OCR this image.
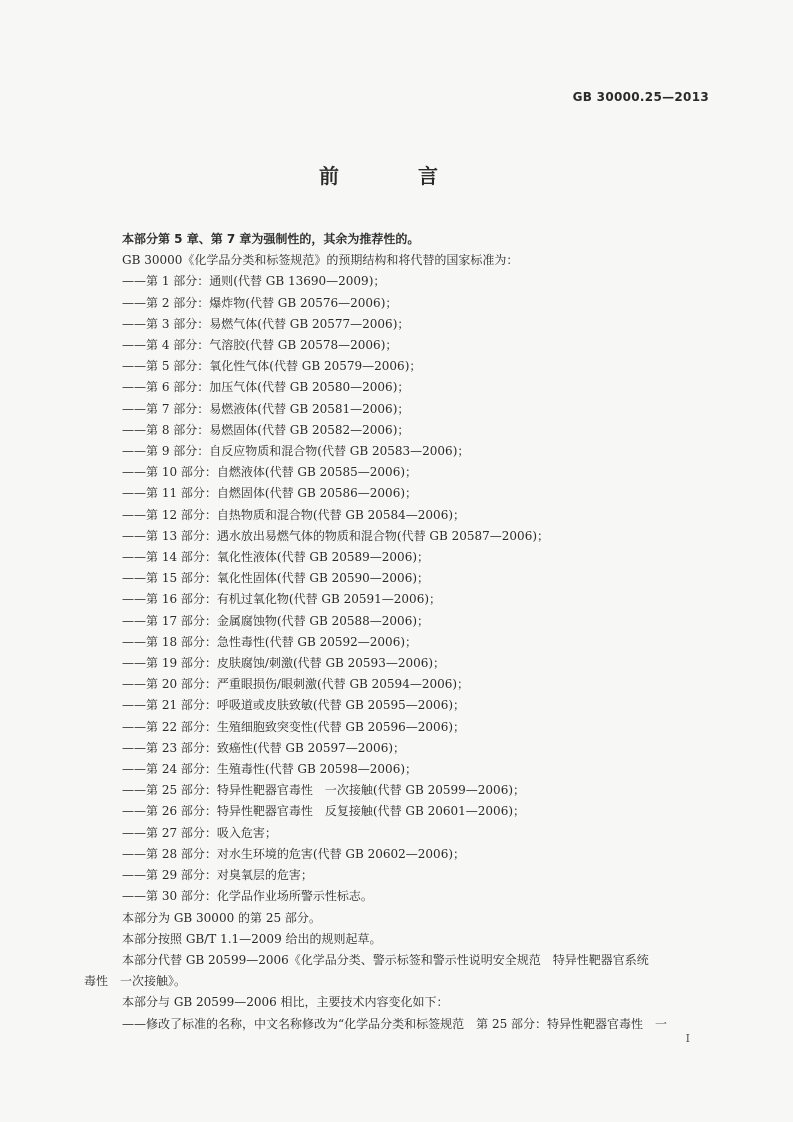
GB 30000.25—2013
前 言
本部分第 5 章、第 7 章为强制性的，其余为推荐性的。
GB 30000《化学品分类和标签规范》的预期结构和将代替的国家标准为：
——第 1 部分：通则(代替 GB 13690—2009)；
——第 2 部分：爆炸物(代替 GB 20576—2006)；
——第 3 部分：易燃气体(代替 GB 20577—2006)；
——第 4 部分：气溶胶(代替 GB 20578—2006)；
——第 5 部分：氧化性气体(代替 GB 20579—2006)；
——第 6 部分：加压气体(代替 GB 20580—2006)；
——第 7 部分：易燃液体(代替 GB 20581—2006)；
——第 8 部分：易燃固体(代替 GB 20582—2006)；
——第 9 部分：自反应物质和混合物(代替 GB 20583—2006)；
——第 10 部分：自燃液体(代替 GB 20585—2006)；
——第 11 部分：自燃固体(代替 GB 20586—2006)；
——第 12 部分：自热物质和混合物(代替 GB 20584—2006)；
——第 13 部分：遇水放出易燃气体的物质和混合物(代替 GB 20587—2006)；
——第 14 部分：氧化性液体(代替 GB 20589—2006)；
——第 15 部分：氧化性固体(代替 GB 20590—2006)；
——第 16 部分：有机过氧化物(代替 GB 20591—2006)；
——第 17 部分：金属腐蚀物(代替 GB 20588—2006)；
——第 18 部分：急性毒性(代替 GB 20592—2006)；
——第 19 部分：皮肤腐蚀/刺激(代替 GB 20593—2006)；
——第 20 部分：严重眼损伤/眼刺激(代替 GB 20594—2006)；
——第 21 部分：呼吸道或皮肤致敏(代替 GB 20595—2006)；
——第 22 部分：生殖细胞致突变性(代替 GB 20596—2006)；
——第 23 部分：致癌性(代替 GB 20597—2006)；
——第 24 部分：生殖毒性(代替 GB 20598—2006)；
——第 25 部分：特异性靶器官毒性　一次接触(代替 GB 20599—2006)；
——第 26 部分：特异性靶器官毒性　反复接触(代替 GB 20601—2006)；
——第 27 部分：吸入危害；
——第 28 部分：对水生环境的危害(代替 GB 20602—2006)；
——第 29 部分：对臭氧层的危害；
——第 30 部分：化学品作业场所警示性标志。
本部分为 GB 30000 的第 25 部分。
本部分按照 GB/T 1.1—2009 给出的规则起草。
本部分代替 GB 20599—2006《化学品分类、警示标签和警示性说明安全规范　特异性靶器官系统
毒性　一次接触》。
本部分与 GB 20599—2006 相比，主要技术内容变化如下：
——修改了标准的名称，中文名称修改为“化学品分类和标签规范　第 25 部分：特异性靶器官毒性　一
I
